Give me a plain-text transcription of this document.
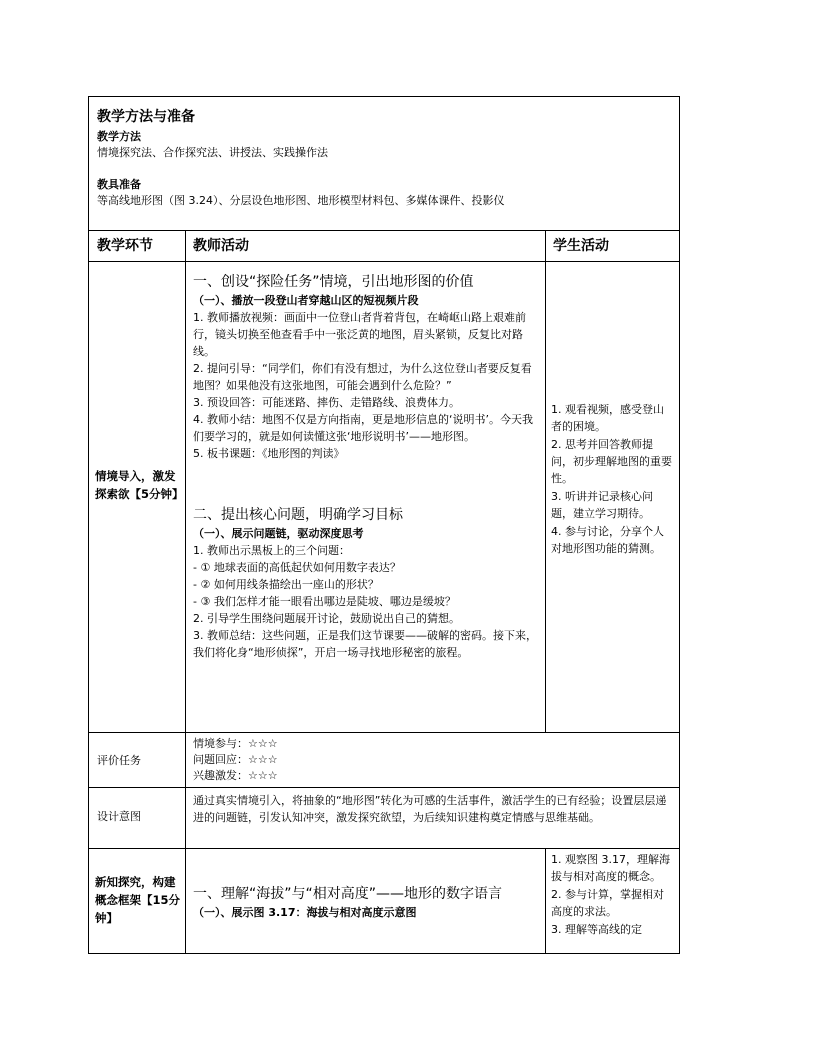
教学方法与准备
教学方法
情境探究法、合作探究法、讲授法、实践操作法
教具准备
等高线地形图（图 3.24）、分层设色地形图、地形模型材料包、多媒体课件、投影仪
教学环节	教师活动	学生活动
情境导入，激发探索欲【5分钟】
一、创设“探险任务”情境，引出地形图的价值
（一）、播放一段登山者穿越山区的短视频片段

1. 教师播放视频：画面中一位登山者背着背包，在崎岖山路上艰难前行，镜头切换至他查看手中一张泛黄的地图，眉头紧锁，反复比对路线。

2. 提问引导：“同学们，你们有没有想过，为什么这位登山者要反复看地图？如果他没有这张地图，可能会遇到什么危险？”

3. 预设回答：可能迷路、摔伤、走错路线、浪费体力。

4. 教师小结：地图不仅是方向指南，更是地形信息的‘说明书’。今天我们要学习的，就是如何读懂这张‘地形说明书’——地形图。

5. 板书课题：《地形图的判读》

二、提出核心问题，明确学习目标
（一）、展示问题链，驱动深度思考

1. 教师出示黑板上的三个问题：

- ① 地球表面的高低起伏如何用数字表达？

- ② 如何用线条描绘出一座山的形状？

- ③ 我们怎样才能一眼看出哪边是陡坡、哪边是缓坡？

2. 引导学生围绕问题展开讨论，鼓励说出自己的猜想。

3. 教师总结：这些问题，正是我们这节课要——破解的密码。接下来，我们将化身“地形侦探”，开启一场寻找地形秘密的旅程。

1. 观看视频，感受登山者的困境。

2. 思考并回答教师提问，初步理解地图的重要性。

3. 听讲并记录核心问题，建立学习期待。

4. 参与讨论，分享个人对地形图功能的猜测。

评价任务
情境参与：☆☆☆
问题回应：☆☆☆
兴趣激发：☆☆☆
设计意图
通过真实情境引入，将抽象的“地形图”转化为可感的生活事件，激活学生的已有经验；设置层层递进的问题链，引发认知冲突，激发探究欲望，为后续知识建构奠定情感与思维基础。
新知探究，构建概念框架【15分钟】
一、理解“海拔”与“相对高度”——地形的数字语言
（一）、展示图 3.17：海拔与相对高度示意图

1. 观察图 3.17，理解海拔与相对高度的概念。

2. 参与计算，掌握相对高度的求法。

3. 理解等高线的定
